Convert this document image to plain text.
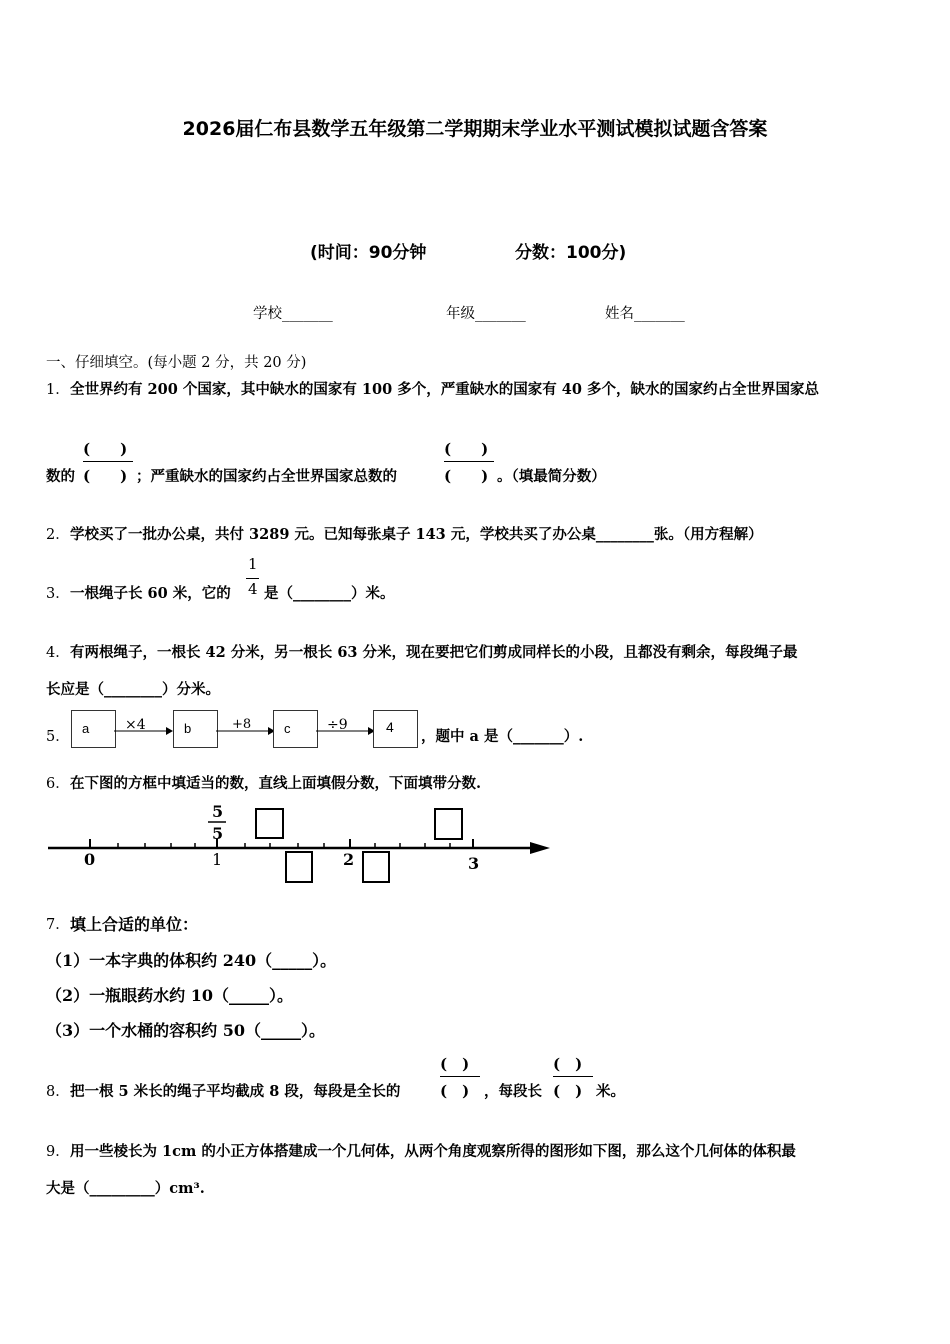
2026届仁布县数学五年级第二学期期末学业水平测试模拟试题含答案
(时间：90分钟	分数：100分)
学校_______	年级_______	姓名_______
一、仔细填空。(每小题 2 分，共 20 分)
1． 全世界约有 200 个国家，其中缺水的国家有 100 多个，严重缺水的国家有 40 多个，缺水的国家约占全世界国家总
(　　)
数的 (　　) ；严重缺水的国家约占全世界国家总数的
(　　)
(　　) 。（填最简分数）
2． 学校买了一批办公桌，共付 3289 元。已知每张桌子 143 元，学校共买了办公桌________张。（用方程解）
3． 一根绳子长 60 米，它的
1
4 是（________）米。
4． 有两根绳子，一根长 42 分米，另一根长 63 分米，现在要把它们剪成同样长的小段，且都没有剩余，每段绳子最
长应是（________）分米。
5．
a	×4	b	+8	c	÷9	4
，题中 a 是（_______）.
6． 在下图的方框中填适当的数，直线上面填假分数，下面填带分数.
0	1	2	3
5
5
7． 填上合适的单位：
（1）一本字典的体积约 240（_____）。
（2）一瓶眼药水约 10（_____）。
（3）一个水桶的容积约 50（_____）。
8． 把一根 5 米长的绳子平均截成 8 段，每段是全长的
(　)
(　) ，每段长
(　)
(　) 米。
9． 用一些棱长为 1cm 的小正方体搭建成一个几何体，从两个角度观察所得的图形如下图，那么这个几何体的体积最
大是（_________）cm³.
